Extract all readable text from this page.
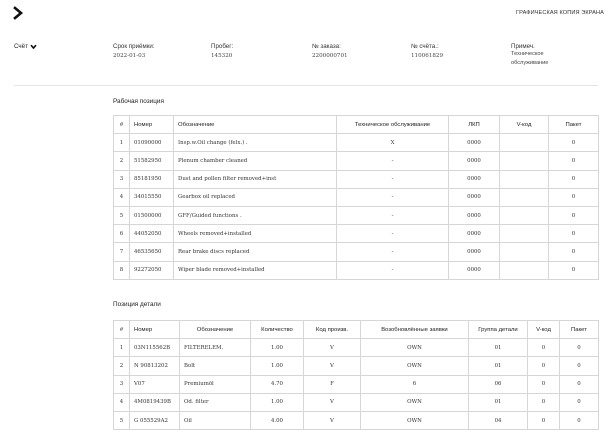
ГРАФИЧЕСКАЯ КОПИЯ ЭКРАНА
Счёт	Срок приёмки:
2022-01-03
Пробег:
145320
№ заказа:
2200000701
№ счёта.:
110061829
Примеч.
Техническое
обслуживание
Рабочая позиция
#	Номер	Обозначение	Техническое обслуживание	ЛКП	V-код	Пакет
1	01090000	Insp.w.Oil change (felx.) .	X	0000		0
2	51582950	Plenum chamber cleaned	-	0000		0
3	85181950	Dust and pollen filter removed+inst	-	0000		0
4	34015550	Gearbox oil replaced	-	0000		0
5	01500000	GFF/Guided functions .	-	0000		0
6	44052050	Wheels removed+installed	-	0000		0
7	46535650	Rear brake discs replaced	-	0000		0
8	92272050	Wiper blade removed+installed	-	0000		0
Позиция детали
#	Номер	Обозначение	Количество	Код произв.	Возобновлённые заявки	Группа детали	V-код	Пакет
1	03N115562B	FILTERELEM.	1.00	V	OWN	01	0	0
2	N 90813202	Bolt	1.00	V	OWN	01	0	0
3	V07	Premiumöl	4.70	F	6	06	0	0
4	4M0819439B	Od. filter	1.00	V	OWN	01	0	0
5	G 055529A2	Oil	4.00	V	OWN	04	0	0
